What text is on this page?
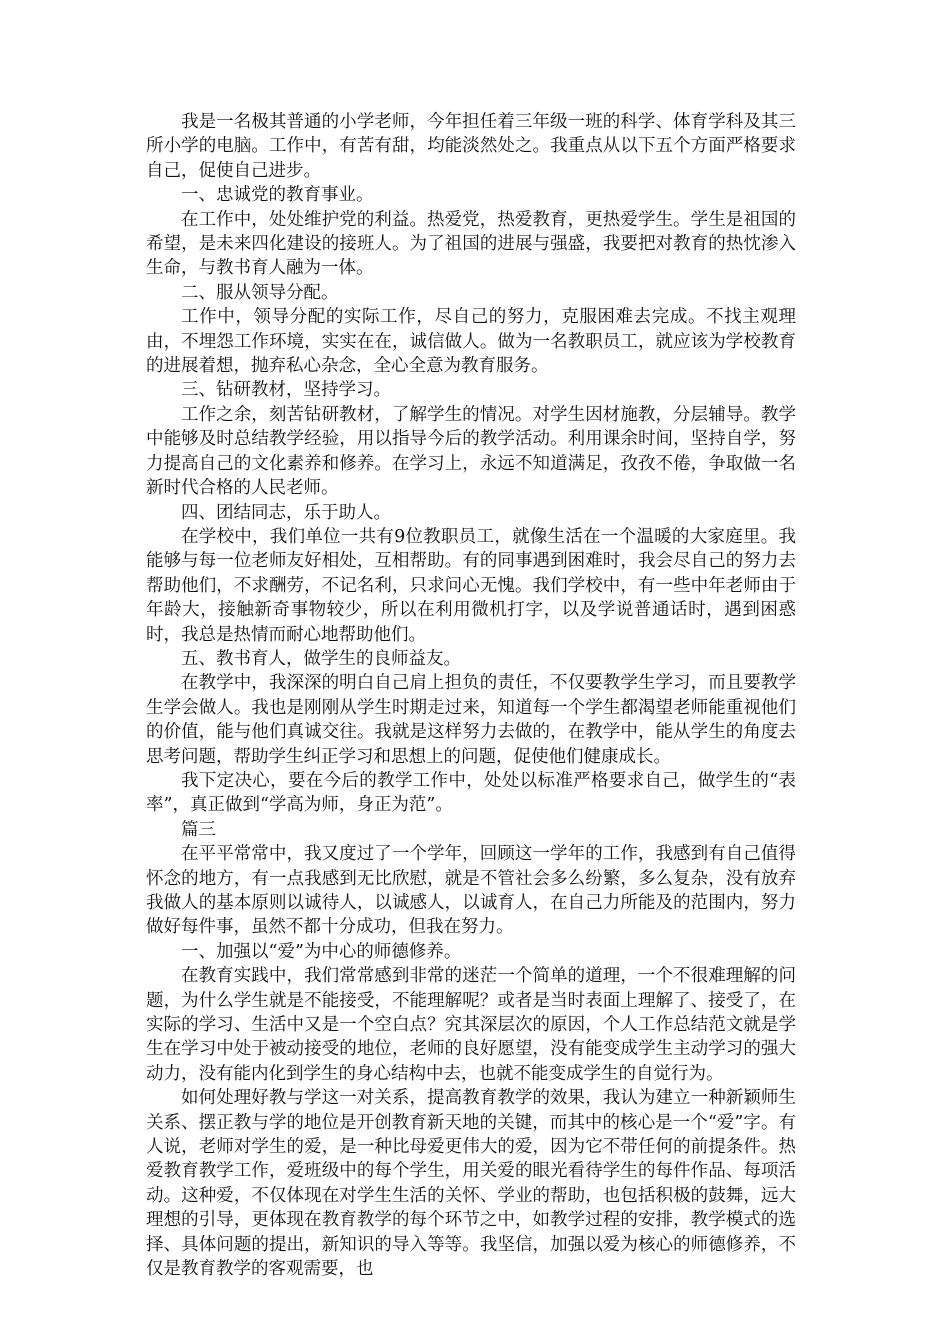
我是一名极其普通的小学老师，今年担任着三年级一班的科学、体育学科及其三所小学的电脑。工作中，有苦有甜，均能淡然处之。我重点从以下五个方面严格要求自己，促使自己进步。

一、忠诚党的教育事业。

在工作中，处处维护党的利益。热爱党，热爱教育，更热爱学生。学生是祖国的希望，是未来四化建设的接班人。为了祖国的进展与强盛，我要把对教育的热忱渗入生命，与教书育人融为一体。

二、服从领导分配。

工作中，领导分配的实际工作，尽自己的努力，克服困难去完成。不找主观理由，不埋怨工作环境，实实在在，诚信做人。做为一名教职员工，就应该为学校教育的进展着想，抛弃私心杂念，全心全意为教育服务。

三、钻研教材，坚持学习。

工作之余，刻苦钻研教材，了解学生的情况。对学生因材施教，分层辅导。教学中能够及时总结教学经验，用以指导今后的教学活动。利用课余时间，坚持自学，努力提高自己的文化素养和修养。在学习上，永远不知道满足，孜孜不倦，争取做一名新时代合格的人民老师。

四、团结同志，乐于助人。

在学校中，我们单位一共有9位教职员工，就像生活在一个温暖的大家庭里。我能够与每一位老师友好相处，互相帮助。有的同事遇到困难时，我会尽自己的努力去帮助他们，不求酬劳，不记名利，只求问心无愧。我们学校中，有一些中年老师由于年龄大，接触新奇事物较少，所以在利用微机打字，以及学说普通话时，遇到困惑时，我总是热情而耐心地帮助他们。

五、教书育人，做学生的良师益友。

在教学中，我深深的明白自己肩上担负的责任，不仅要教学生学习，而且要教学生学会做人。我也是刚刚从学生时期走过来，知道每一个学生都渴望老师能重视他们的价值，能与他们真诚交往。我就是这样努力去做的，在教学中，能从学生的角度去思考问题，帮助学生纠正学习和思想上的问题，促使他们健康成长。

我下定决心，要在今后的教学工作中，处处以标准严格要求自己，做学生的“表率”，真正做到“学高为师，身正为范”。

篇三

在平平常常中，我又度过了一个学年，回顾这一学年的工作，我感到有自己值得怀念的地方，有一点我感到无比欣慰，就是不管社会多么纷繁，多么复杂，没有放弃我做人的基本原则以诚待人，以诚感人，以诚育人，在自己力所能及的范围内，努力做好每件事，虽然不都十分成功，但我在努力。

一、加强以“爱”为中心的师德修养。

在教育实践中，我们常常感到非常的迷茫一个简单的道理，一个不很难理解的问题，为什么学生就是不能接受，不能理解呢？或者是当时表面上理解了、接受了，在实际的学习、生活中又是一个空白点？究其深层次的原因，个人工作总结范文就是学生在学习中处于被动接受的地位，老师的良好愿望，没有能变成学生主动学习的强大动力，没有能内化到学生的身心结构中去，也就不能变成学生的自觉行为。

如何处理好教与学这一对关系，提高教育教学的效果，我认为建立一种新颖师生关系、摆正教与学的地位是开创教育新天地的关键，而其中的核心是一个“爱”字。有人说，老师对学生的爱，是一种比母爱更伟大的爱，因为它不带任何的前提条件。热爱教育教学工作，爱班级中的每个学生，用关爱的眼光看待学生的每件作品、每项活动。这种爱，不仅体现在对学生生活的关怀、学业的帮助，也包括积极的鼓舞，远大理想的引导，更体现在教育教学的每个环节之中，如教学过程的安排，教学模式的选择、具体问题的提出，新知识的导入等等。我坚信，加强以爱为核心的师德修养，不仅是教育教学的客观需要，也
